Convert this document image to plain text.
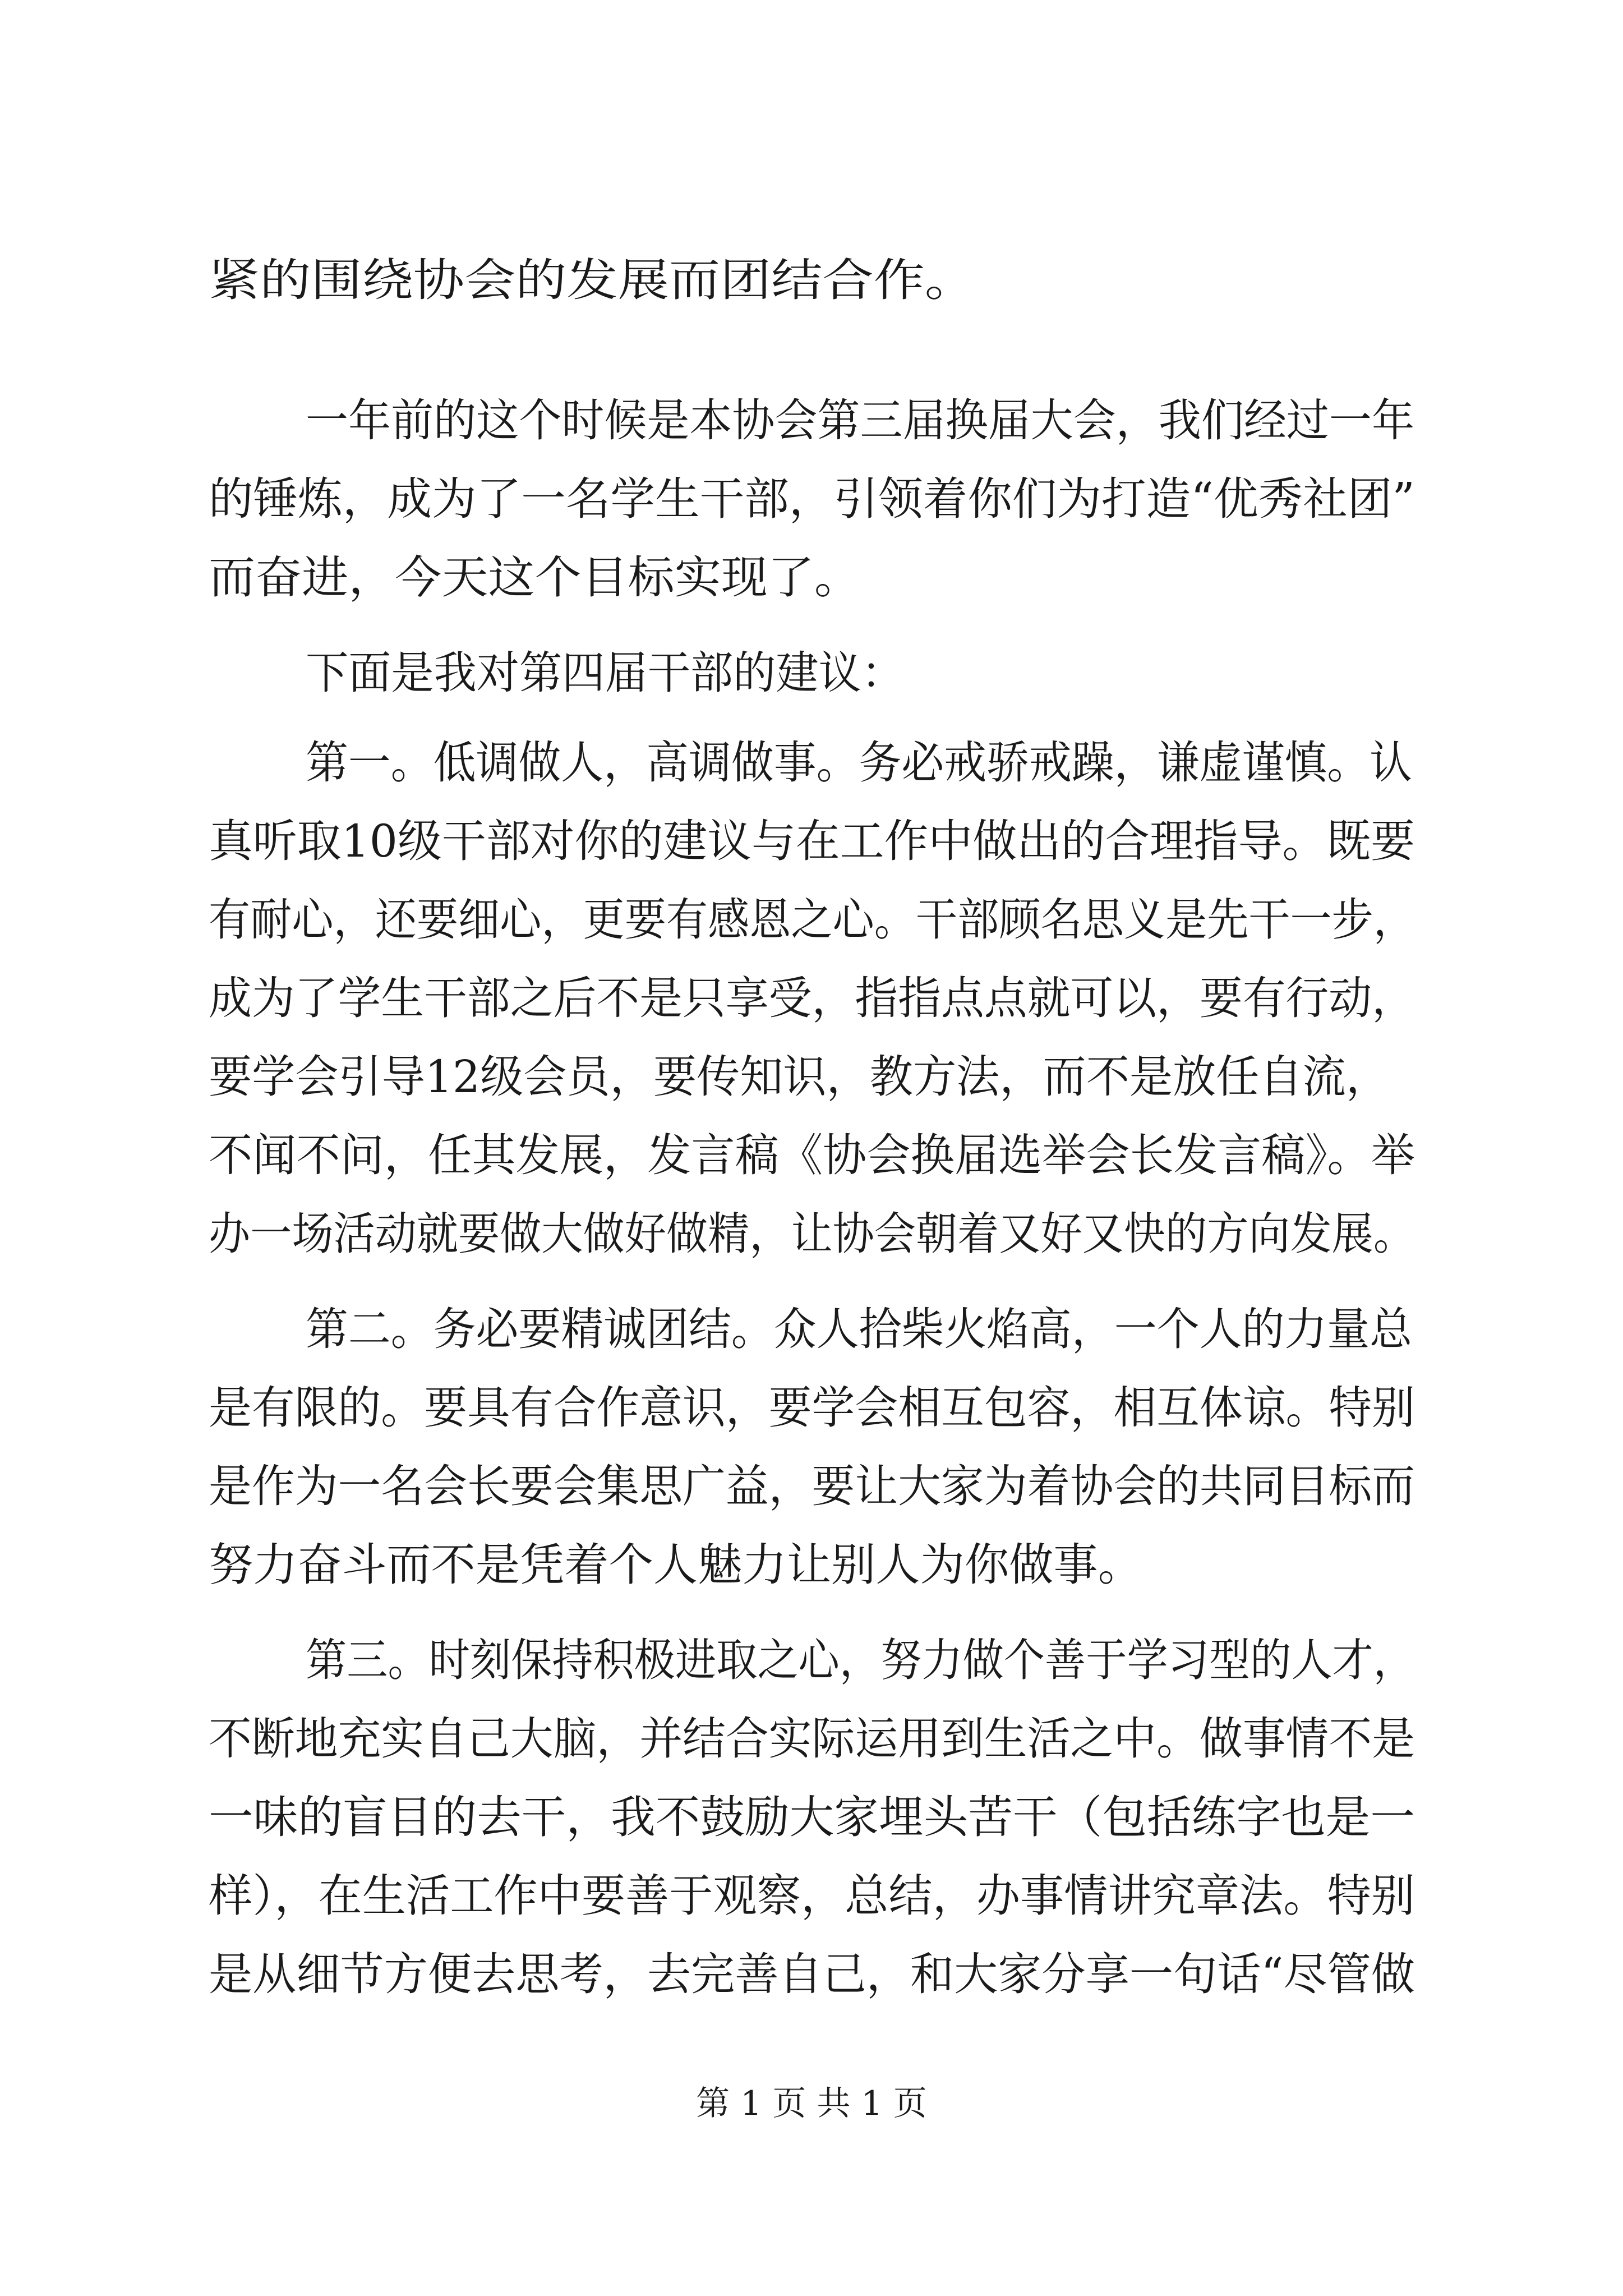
紧的围绕协会的发展而团结合作。
一年前的这个时候是本协会第三届换届大会，我们经过一年
的锤炼，成为了一名学生干部，引领着你们为打造“优秀社团”
而奋进，今天这个目标实现了。
下面是我对第四届干部的建议：
第一。低调做人，高调做事。务必戒骄戒躁，谦虚谨慎。认
真听取10级干部对你的建议与在工作中做出的合理指导。既要
有耐心，还要细心，更要有感恩之心。干部顾名思义是先干一步，
成为了学生干部之后不是只享受，指指点点就可以，要有行动，
要学会引导12级会员，要传知识，教方法，而不是放任自流，
不闻不问，任其发展，发言稿《协会换届选举会长发言稿》。举
办一场活动就要做大做好做精，让协会朝着又好又快的方向发展。
第二。务必要精诚团结。众人拾柴火焰高，一个人的力量总
是有限的。要具有合作意识，要学会相互包容，相互体谅。特别
是作为一名会长要会集思广益，要让大家为着协会的共同目标而
努力奋斗而不是凭着个人魅力让别人为你做事。
第三。时刻保持积极进取之心，努力做个善于学习型的人才，
不断地充实自己大脑，并结合实际运用到生活之中。做事情不是
一味的盲目的去干，我不鼓励大家埋头苦干（包括练字也是一
样），在生活工作中要善于观察，总结，办事情讲究章法。特别
是从细节方便去思考，去完善自己，和大家分享一句话“尽管做
第 1 页 共 1 页
